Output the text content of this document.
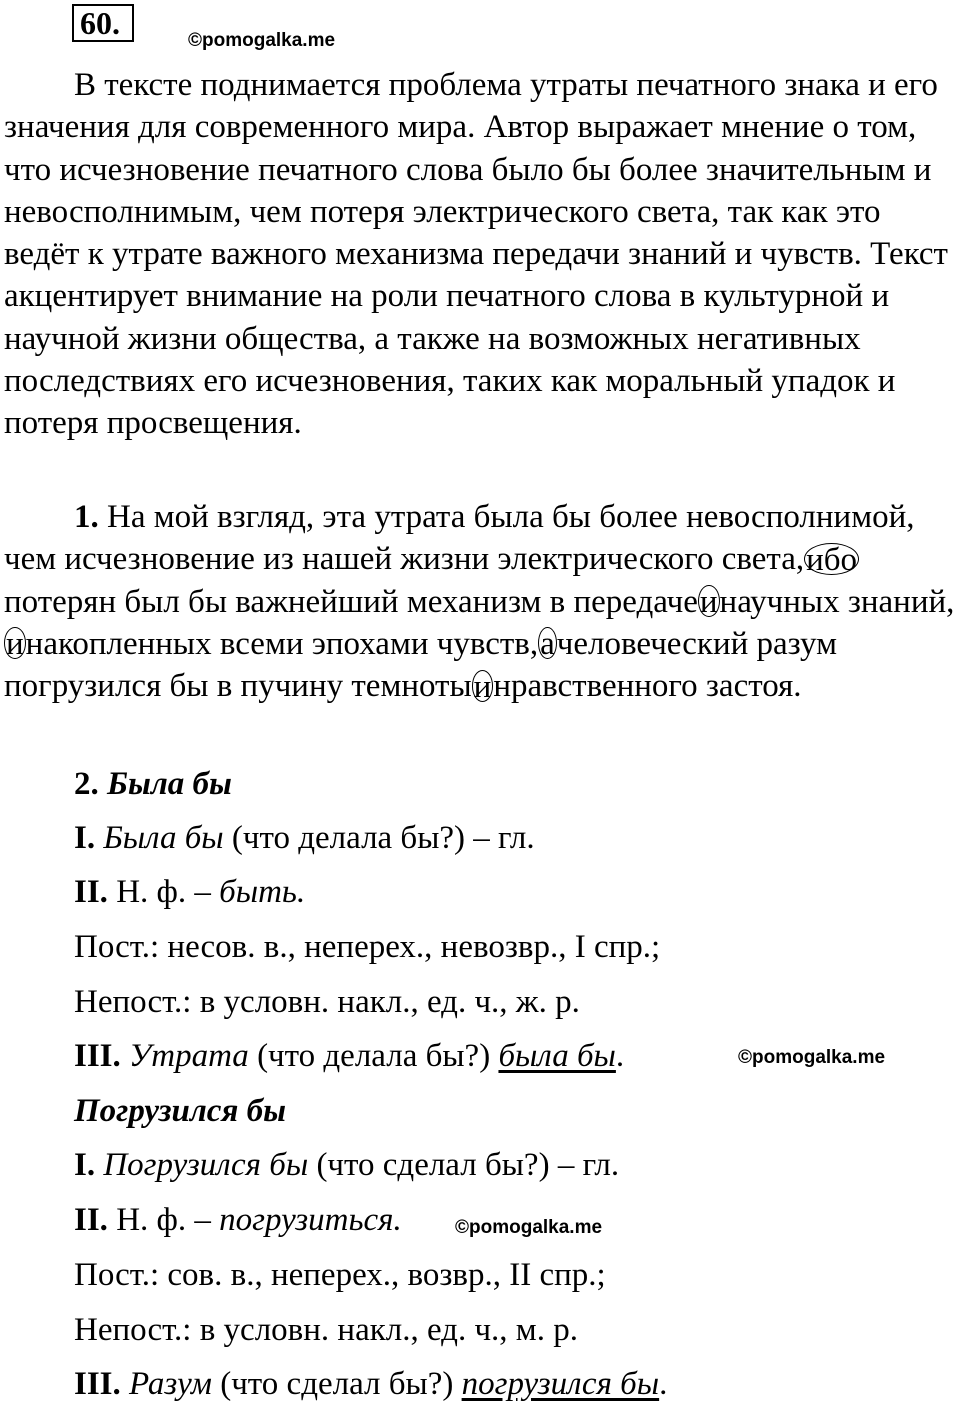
60.	©pomogalka.me

В тексте поднимается проблема утраты печатного знака и его значения для современного мира. Автор выражает мнение о том, что исчезновение печатного слова было бы более значительным и невосполнимым, чем потеря электрического света, так как это ведёт к утрате важного механизма передачи знаний и чувств. Текст акцентирует внимание на роли печатного слова в культурной и научной жизни общества, а также на возможных негативных последствиях его исчезновения, таких как моральный упадок и потеря просвещения.

1. На мой взгляд, эта утрата была бы более невосполнимой, чем исчезновение из нашей жизни электрического света,ибопотерян был бы важнейший механизм в передачеинаучных знаний,инакопленных всеми эпохами чувств,ачеловеческий разум погрузился бы в пучину темнотыинравственного застоя.

2. Была бы
I. Была бы (что делала бы?) – гл.
II. Н. ф. – быть.
Пост.: несов. в., неперех., невозвр., I спр.;
Непост.: в условн. накл., ед. ч., ж. р.
III. Утрата (что делала бы?) была бы.	©pomogalka.me
Погрузился бы
I. Погрузился бы (что сделал бы?) – гл.
II. Н. ф. – погрузиться.	©pomogalka.me
Пост.: сов. в., неперех., возвр., II спр.;
Непост.: в условн. накл., ед. ч., м. р.
III. Разум (что сделал бы?) погрузился бы.
